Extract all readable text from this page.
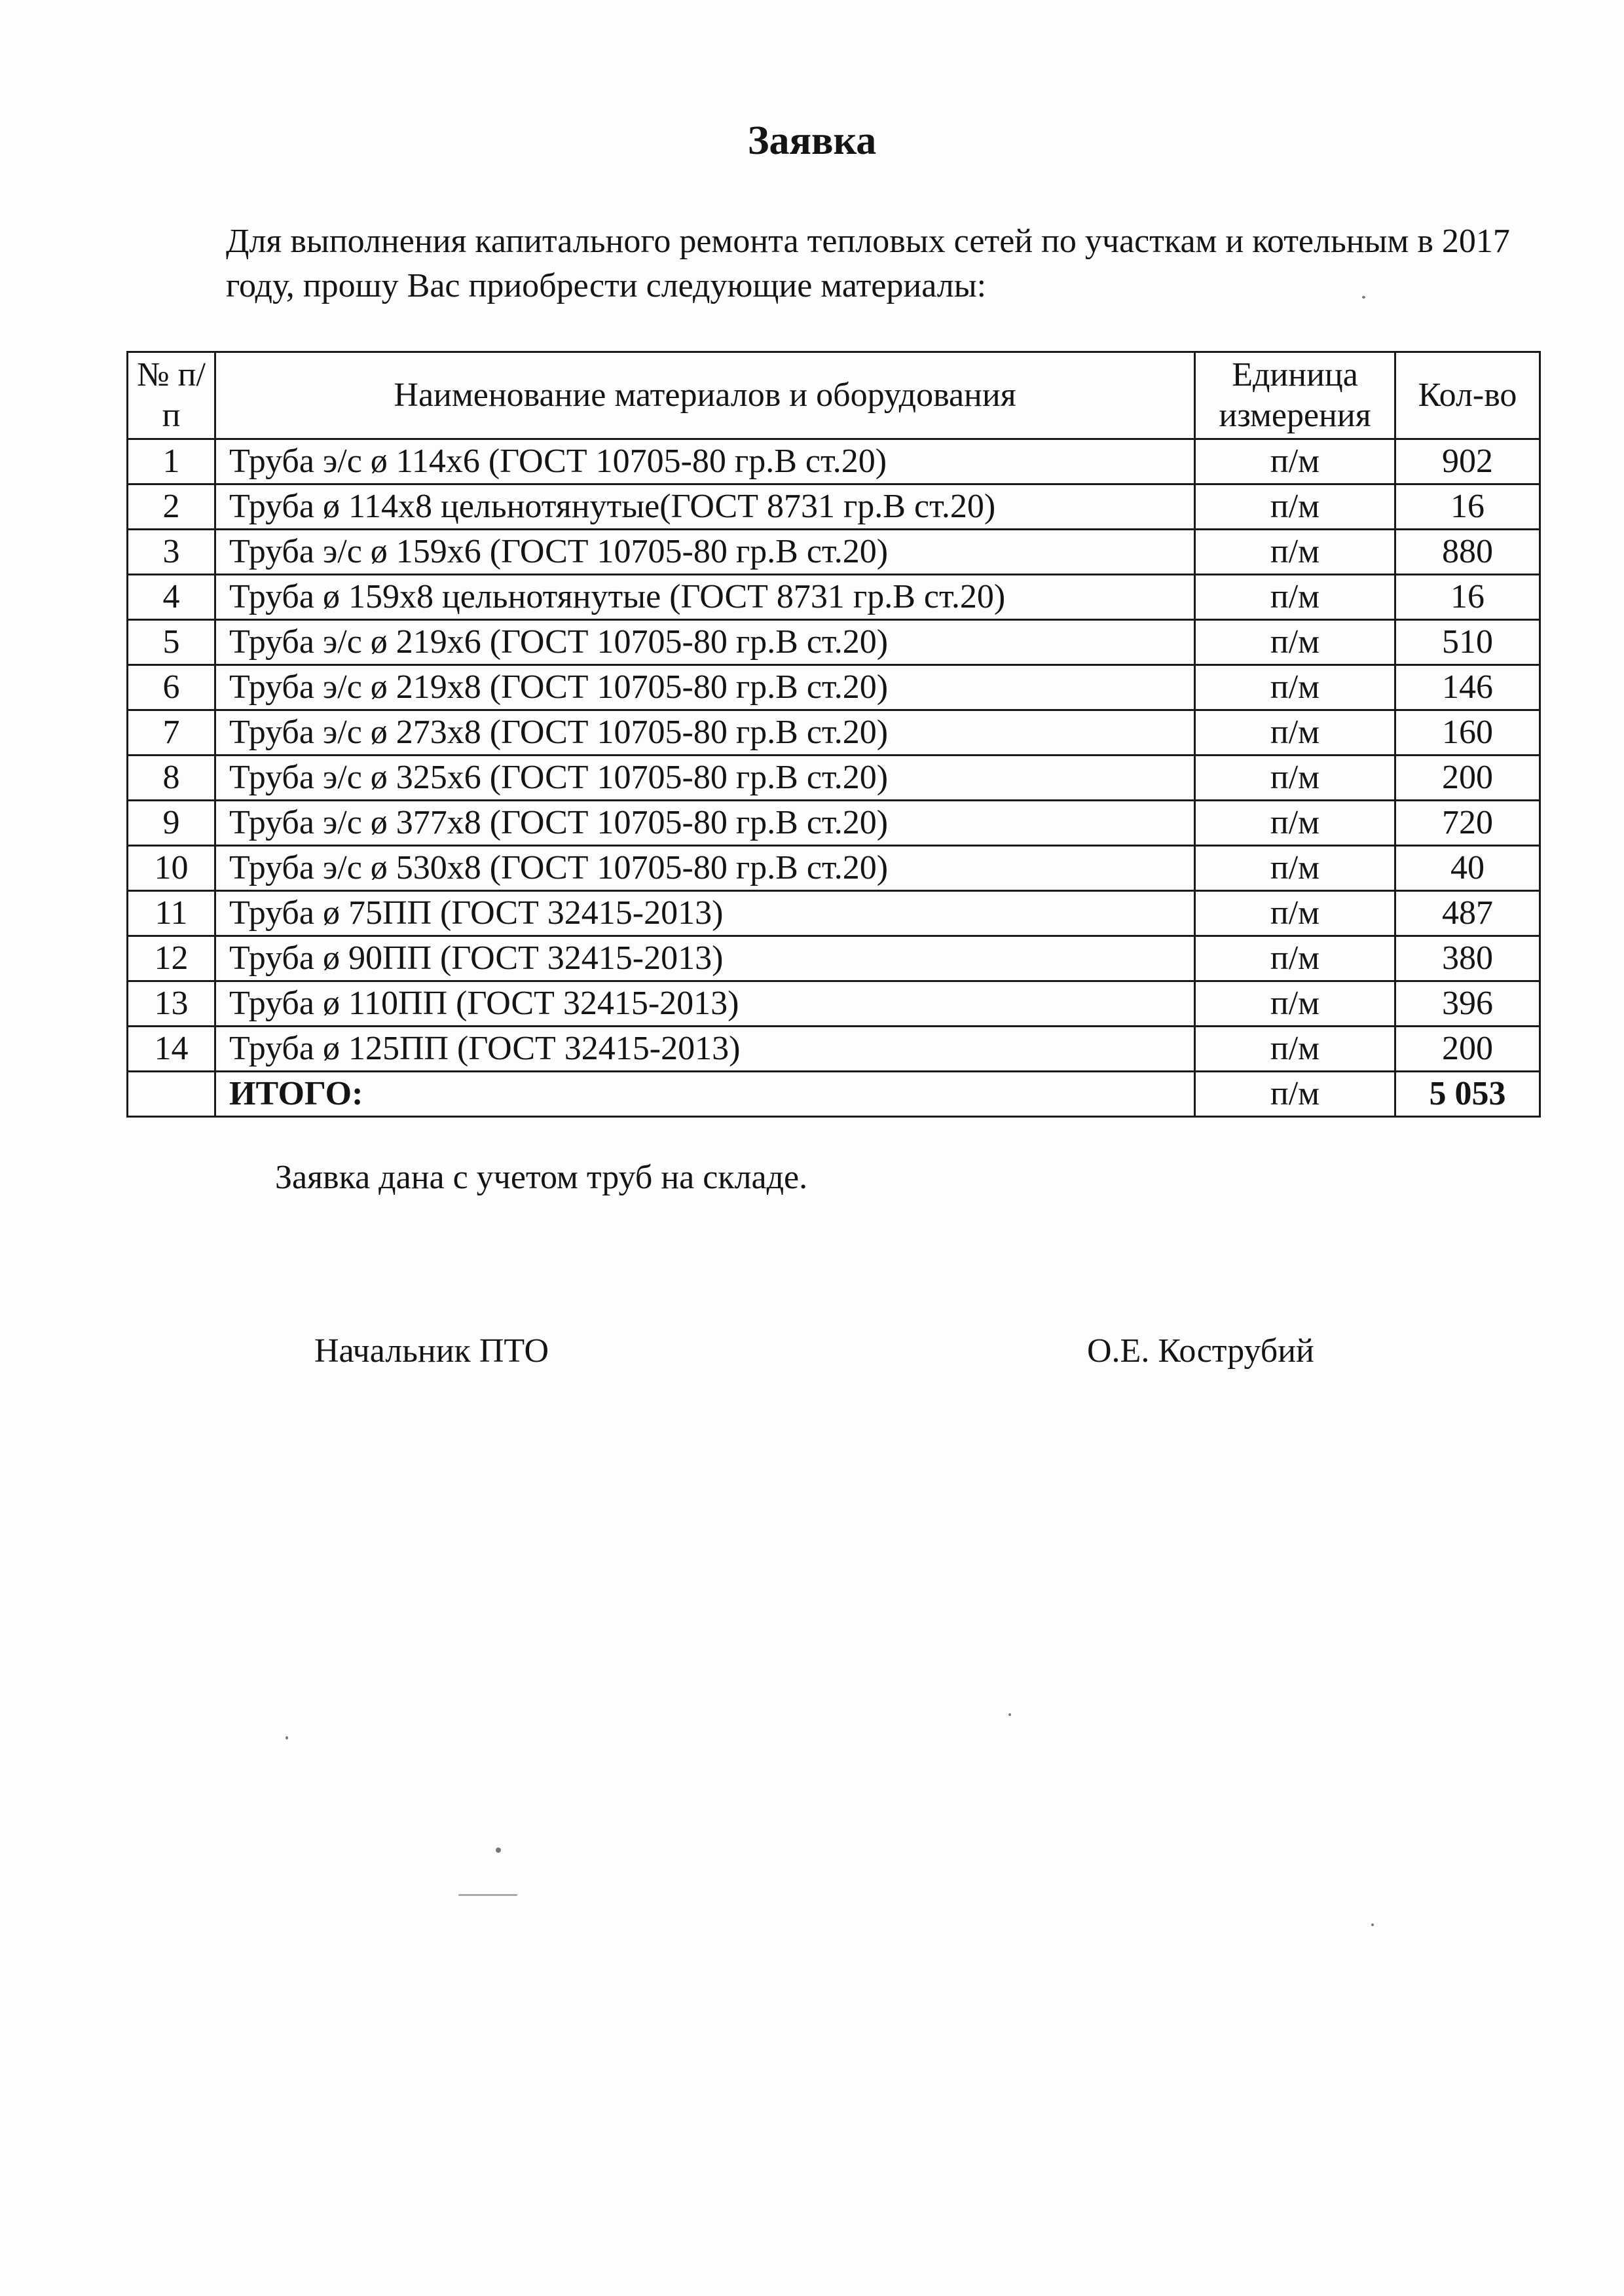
Заявка

Для выполнения капитального ремонта тепловых сетей по участкам и котельным в 2017 году, прошу Вас приобрести следующие материалы:

№ п/п	Наименование материалов и оборудования	Единица измерения	Кол-во
1	Труба э/с ø 114х6 (ГОСТ 10705-80 гр.В ст.20)	п/м	902
2	Труба ø 114х8 цельнотянутые(ГОСТ 8731 гр.В ст.20)	п/м	16
3	Труба э/с ø 159х6 (ГОСТ 10705-80 гр.В ст.20)	п/м	880
4	Труба ø 159х8 цельнотянутые (ГОСТ 8731 гр.В ст.20)	п/м	16
5	Труба э/с ø 219х6 (ГОСТ 10705-80 гр.В ст.20)	п/м	510
6	Труба э/с ø 219х8 (ГОСТ 10705-80 гр.В ст.20)	п/м	146
7	Труба э/с ø 273х8 (ГОСТ 10705-80 гр.В ст.20)	п/м	160
8	Труба э/с ø 325х6 (ГОСТ 10705-80 гр.В ст.20)	п/м	200
9	Труба э/с ø 377х8 (ГОСТ 10705-80 гр.В ст.20)	п/м	720
10	Труба э/с ø 530х8 (ГОСТ 10705-80 гр.В ст.20)	п/м	40
11	Труба ø 75ПП (ГОСТ 32415-2013)	п/м	487
12	Труба ø 90ПП (ГОСТ 32415-2013)	п/м	380
13	Труба ø 110ПП (ГОСТ 32415-2013)	п/м	396
14	Труба ø 125ПП (ГОСТ 32415-2013)	п/м	200
	ИТОГО:	п/м	5 053

Заявка дана с учетом труб на складе.

Начальник ПТО	О.Е. Кострубий
